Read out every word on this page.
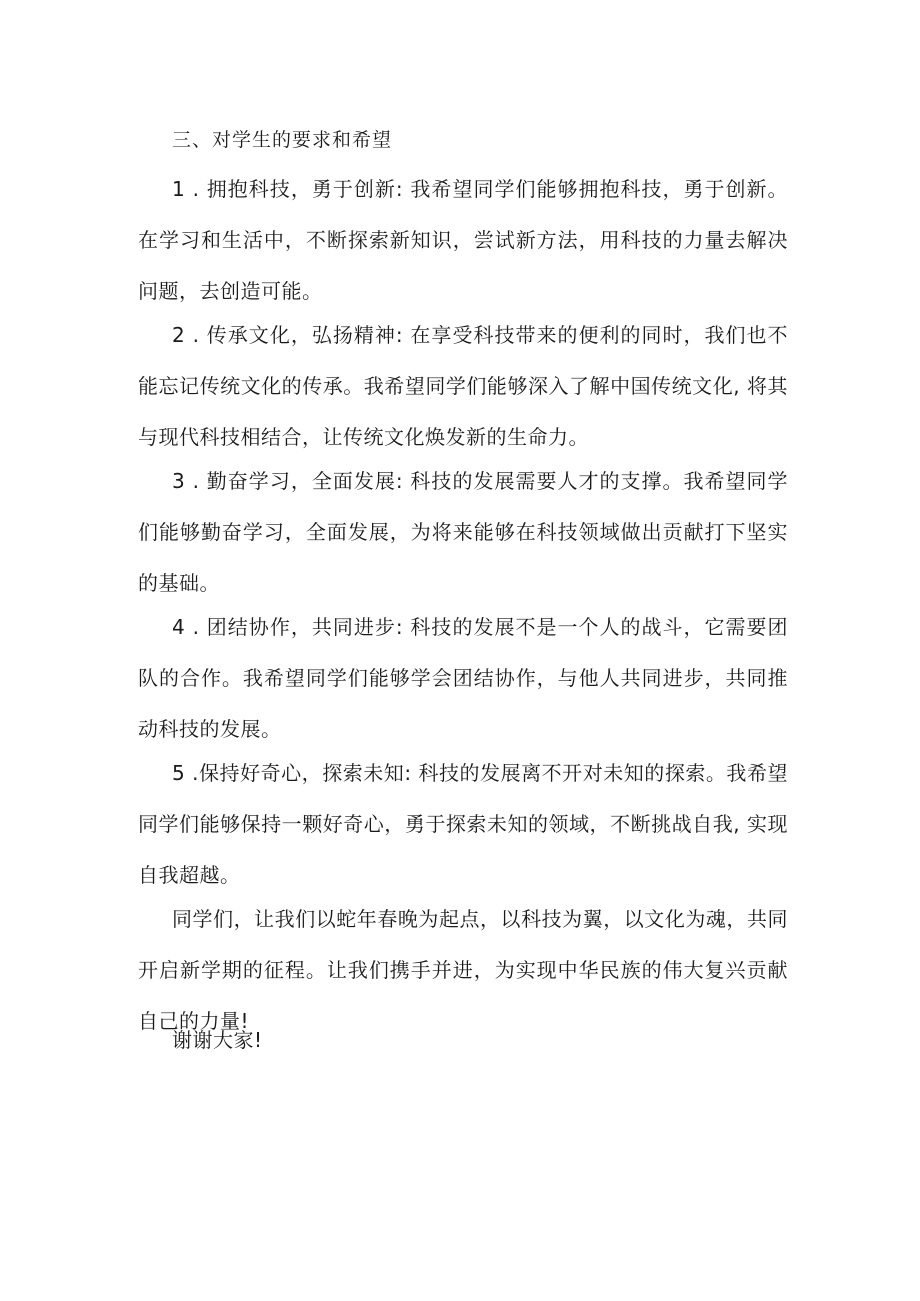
三、对学生的要求和希望

1 . 拥抱科技，勇于创新: 我希望同学们能够拥抱科技，勇于创新。在学习和生活中，不断探索新知识，尝试新方法，用科技的力量去解决问题，去创造可能。

2 . 传承文化，弘扬精神: 在享受科技带来的便利的同时，我们也不能忘记传统文化的传承。我希望同学们能够深入了解中国传统文化, 将其与现代科技相结合，让传统文化焕发新的生命力。

3 . 勤奋学习，全面发展: 科技的发展需要人才的支撑。我希望同学们能够勤奋学习，全面发展，为将来能够在科技领域做出贡献打下坚实的基础。

4 . 团结协作，共同进步: 科技的发展不是一个人的战斗，它需要团队的合作。我希望同学们能够学会团结协作，与他人共同进步，共同推动科技的发展。

5 .保持好奇心，探索未知: 科技的发展离不开对未知的探索。我希望同学们能够保持一颗好奇心，勇于探索未知的领域，不断挑战自我, 实现自我超越。

同学们，让我们以蛇年春晚为起点，以科技为翼，以文化为魂，共同开启新学期的征程。让我们携手并进，为实现中华民族的伟大复兴贡献自己的力量!

谢谢大家!
